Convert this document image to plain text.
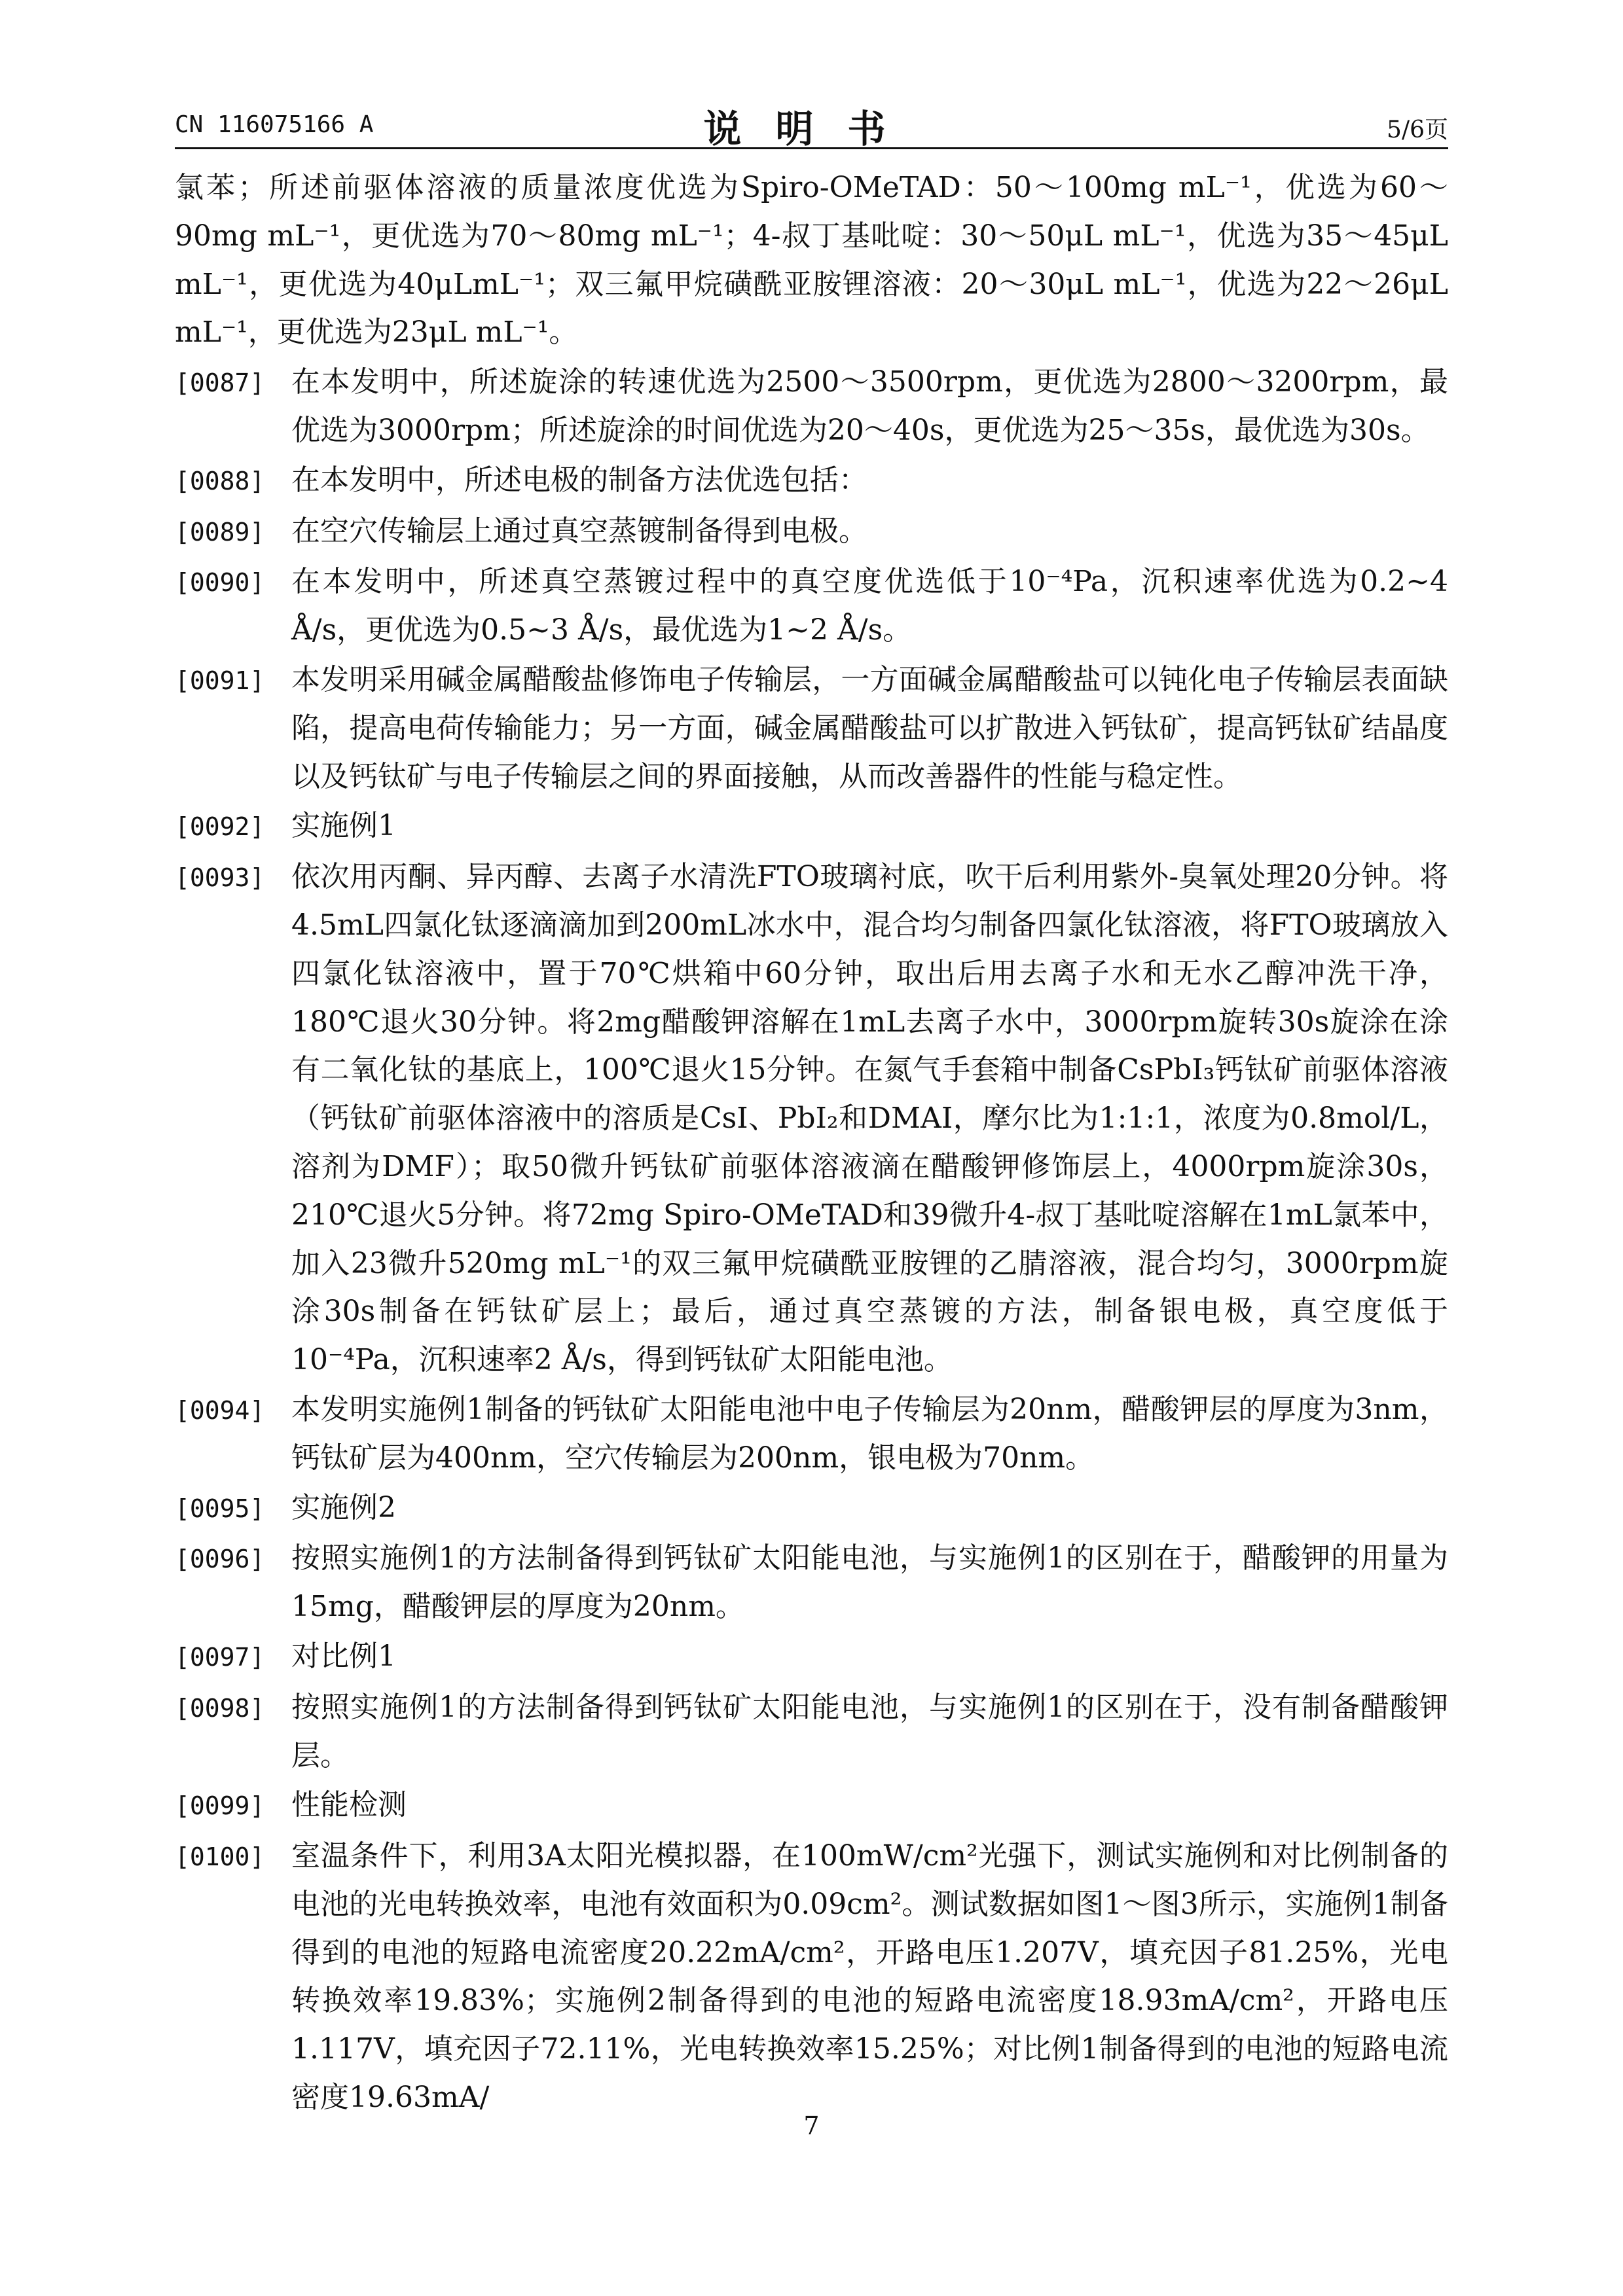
CN 116075166 A	说明书	5/6页

氯苯；所述前驱体溶液的质量浓度优选为Spiro-OMeTAD：50～100mg mL⁻¹，优选为60～90mg mL⁻¹，更优选为70～80mg mL⁻¹；4-叔丁基吡啶：30～50μL mL⁻¹，优选为35～45μL mL⁻¹，更优选为40μLmL⁻¹；双三氟甲烷磺酰亚胺锂溶液：20～30μL mL⁻¹，优选为22～26μL mL⁻¹，更优选为23μL mL⁻¹。

[0087] 在本发明中，所述旋涂的转速优选为2500～3500rpm，更优选为2800～3200rpm，最优选为3000rpm；所述旋涂的时间优选为20～40s，更优选为25～35s，最优选为30s。
[0088] 在本发明中，所述电极的制备方法优选包括：
[0089] 在空穴传输层上通过真空蒸镀制备得到电极。
[0090] 在本发明中，所述真空蒸镀过程中的真空度优选低于10⁻⁴Pa，沉积速率优选为0.2~4 Å/s，更优选为0.5~3 Å/s，最优选为1~2 Å/s。
[0091] 本发明采用碱金属醋酸盐修饰电子传输层，一方面碱金属醋酸盐可以钝化电子传输层表面缺陷，提高电荷传输能力；另一方面，碱金属醋酸盐可以扩散进入钙钛矿，提高钙钛矿结晶度以及钙钛矿与电子传输层之间的界面接触，从而改善器件的性能与稳定性。
[0092] 实施例1
[0093] 依次用丙酮、异丙醇、去离子水清洗FTO玻璃衬底，吹干后利用紫外-臭氧处理20分钟。将4.5mL四氯化钛逐滴滴加到200mL冰水中，混合均匀制备四氯化钛溶液，将FTO玻璃放入四氯化钛溶液中，置于70℃烘箱中60分钟，取出后用去离子水和无水乙醇冲洗干净，180℃退火30分钟。将2mg醋酸钾溶解在1mL去离子水中，3000rpm旋转30s旋涂在涂有二氧化钛的基底上，100℃退火15分钟。在氮气手套箱中制备CsPbI₃钙钛矿前驱体溶液（钙钛矿前驱体溶液中的溶质是CsI、PbI₂和DMAI，摩尔比为1:1:1，浓度为0.8mol/L，溶剂为DMF）；取50微升钙钛矿前驱体溶液滴在醋酸钾修饰层上，4000rpm旋涂30s，210℃退火5分钟。将72mg Spiro-OMeTAD和39微升4-叔丁基吡啶溶解在1mL氯苯中，加入23微升520mg mL⁻¹的双三氟甲烷磺酰亚胺锂的乙腈溶液，混合均匀，3000rpm旋涂30s制备在钙钛矿层上；最后，通过真空蒸镀的方法，制备银电极，真空度低于10⁻⁴Pa，沉积速率2 Å/s，得到钙钛矿太阳能电池。
[0094] 本发明实施例1制备的钙钛矿太阳能电池中电子传输层为20nm，醋酸钾层的厚度为3nm，钙钛矿层为400nm，空穴传输层为200nm，银电极为70nm。
[0095] 实施例2
[0096] 按照实施例1的方法制备得到钙钛矿太阳能电池，与实施例1的区别在于，醋酸钾的用量为15mg，醋酸钾层的厚度为20nm。
[0097] 对比例1
[0098] 按照实施例1的方法制备得到钙钛矿太阳能电池，与实施例1的区别在于，没有制备醋酸钾层。
[0099] 性能检测
[0100] 室温条件下，利用3A太阳光模拟器，在100mW/cm²光强下，测试实施例和对比例制备的电池的光电转换效率，电池有效面积为0.09cm²。测试数据如图1～图3所示，实施例1制备得到的电池的短路电流密度20.22mA/cm²，开路电压1.207V，填充因子81.25%，光电转换效率19.83%；实施例2制备得到的电池的短路电流密度18.93mA/cm²，开路电压1.117V，填充因子72.11%，光电转换效率15.25%；对比例1制备得到的电池的短路电流密度19.63mA/
7
